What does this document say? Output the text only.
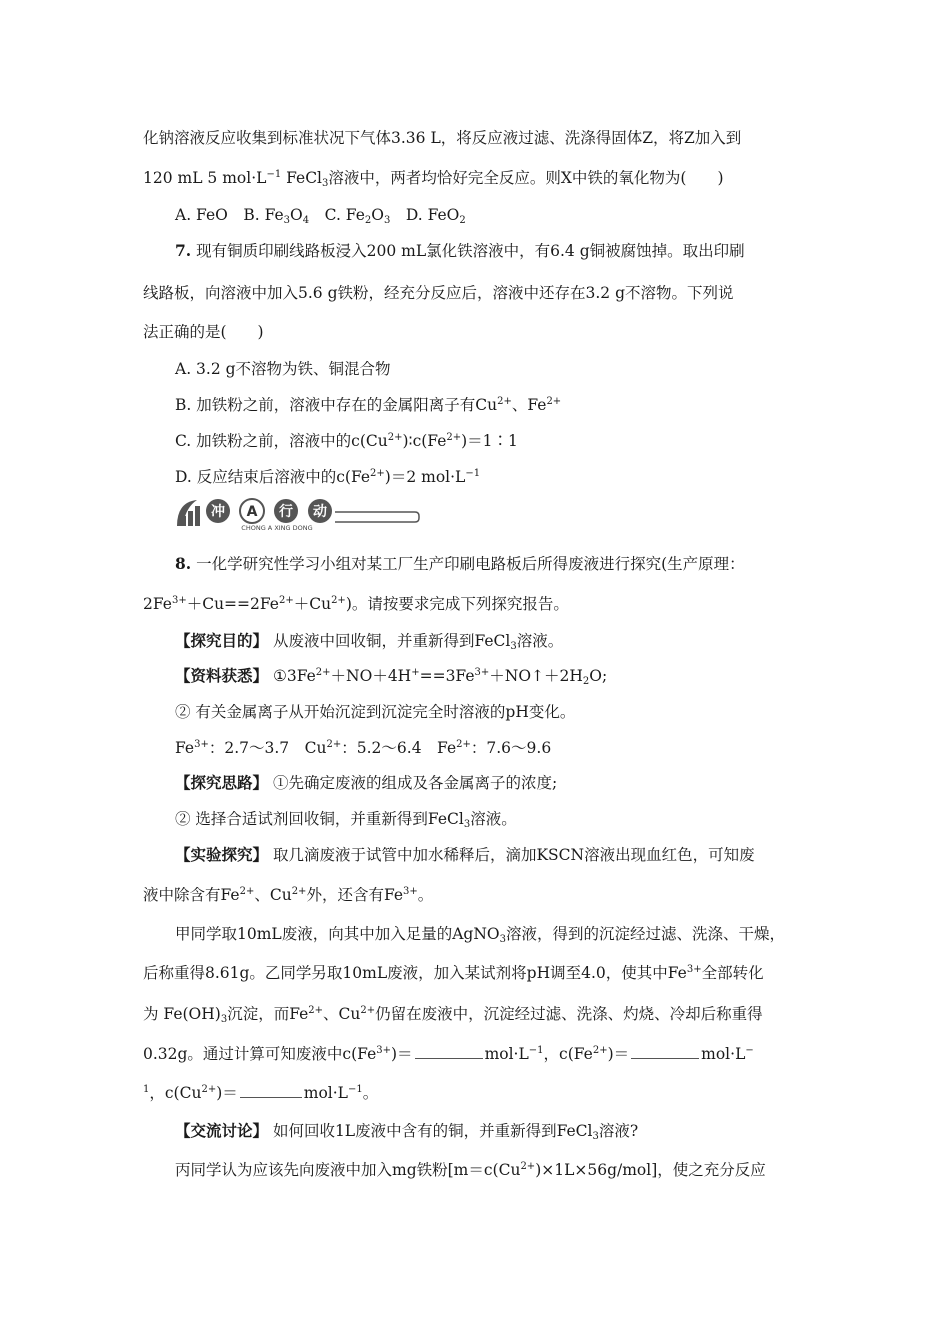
化钠溶液反应收集到标准状况下气体3.36 L，将反应液过滤、洗涤得固体Z，将Z加入到
120 mL 5 $mol\cdot L^{-1}$ FeCl$_3$溶液中，两者均恰好完全反应。则X中铁的氧化物为(　　)
A. FeO　B. $Fe_3O_4$　C. $Fe_2O_3$　D. FeO$_2$
7. 现有铜质印刷线路板浸入200 mL氯化铁溶液中，有6.4 g铜被腐蚀掉。取出印刷
线路板，向溶液中加入5.6 g铁粉，经充分反应后，溶液中还存在3.2 g不溶物。下列说
法正确的是(　　)
A. 3.2 g不溶物为铁、铜混合物
B. 加铁粉之前，溶液中存在的金属阳离子有$Cu^{2+}$、$Fe^{2+}$
C. 加铁粉之前，溶液中的$c(Cu^{2+})∶c(Fe^{2+})=1∶1$
D. 反应结束后溶液中的$c(Fe^{2+})=2$ $mol\cdot L^{-1}$
冲 A 行 动
CHONG A XING DONG
8. 一化学研究性学习小组对某工厂生产印刷电路板后所得废液进行探究(生产原理：
$2Fe^{3+}+Cu==2Fe^{2+}+Cu^{2+}$)。请按要求完成下列探究报告。
【探究目的】 从废液中回收铜，并重新得到FeCl$_3$溶液。
【资料获悉】 $①3Fe^{2+}+NO+4H^+==3Fe^{3+}+NO↑+2H_2O$;
② 有关金属离子从开始沉淀到沉淀完全时溶液的pH变化。
$Fe^{3+}$：2.7～3.7　$Cu^{2+}$：5.2～6.4　$Fe^{2+}$：7.6～9.6
【探究思路】 ①先确定废液的组成及各金属离子的浓度;
② 选择合适试剂回收铜，并重新得到FeCl$_3$溶液。
【实验探究】 取几滴废液于试管中加水稀释后，滴加KSCN溶液出现血红色，可知废
液中除含有$Fe^{2+}$、$Cu^{2+}$外，还含有$Fe^{3+}$。
甲同学取10mL废液，向其中加入足量的AgNO$_3$溶液，得到的沉淀经过滤、洗涤、干燥，
后称重得8.61g。乙同学另取10mL废液，加入某试剂将pH调至4.0，使其中$Fe^{3+}$全部转化
为 $Fe(OH)_3$沉淀，而$Fe^{2+}$、$Cu^{2+}$仍留在废液中，沉淀经过滤、洗涤、灼烧、冷却后称重得
0.32g。通过计算可知废液中$c(Fe^{3+})=$	$mol\cdot L^{-1}$，$c(Fe^{2+})=$	mol·L−
$^1$，$c(Cu^{2+})=$	$mol\cdot L^{-1}$。
【交流讨论】 如何回收1L废液中含有的铜，并重新得到FeCl$_3$溶液?
丙同学认为应该先向废液中加入mg铁粉$[m=c(Cu^{2+})\times 1L\times 56g/mol]$，使之充分反应
